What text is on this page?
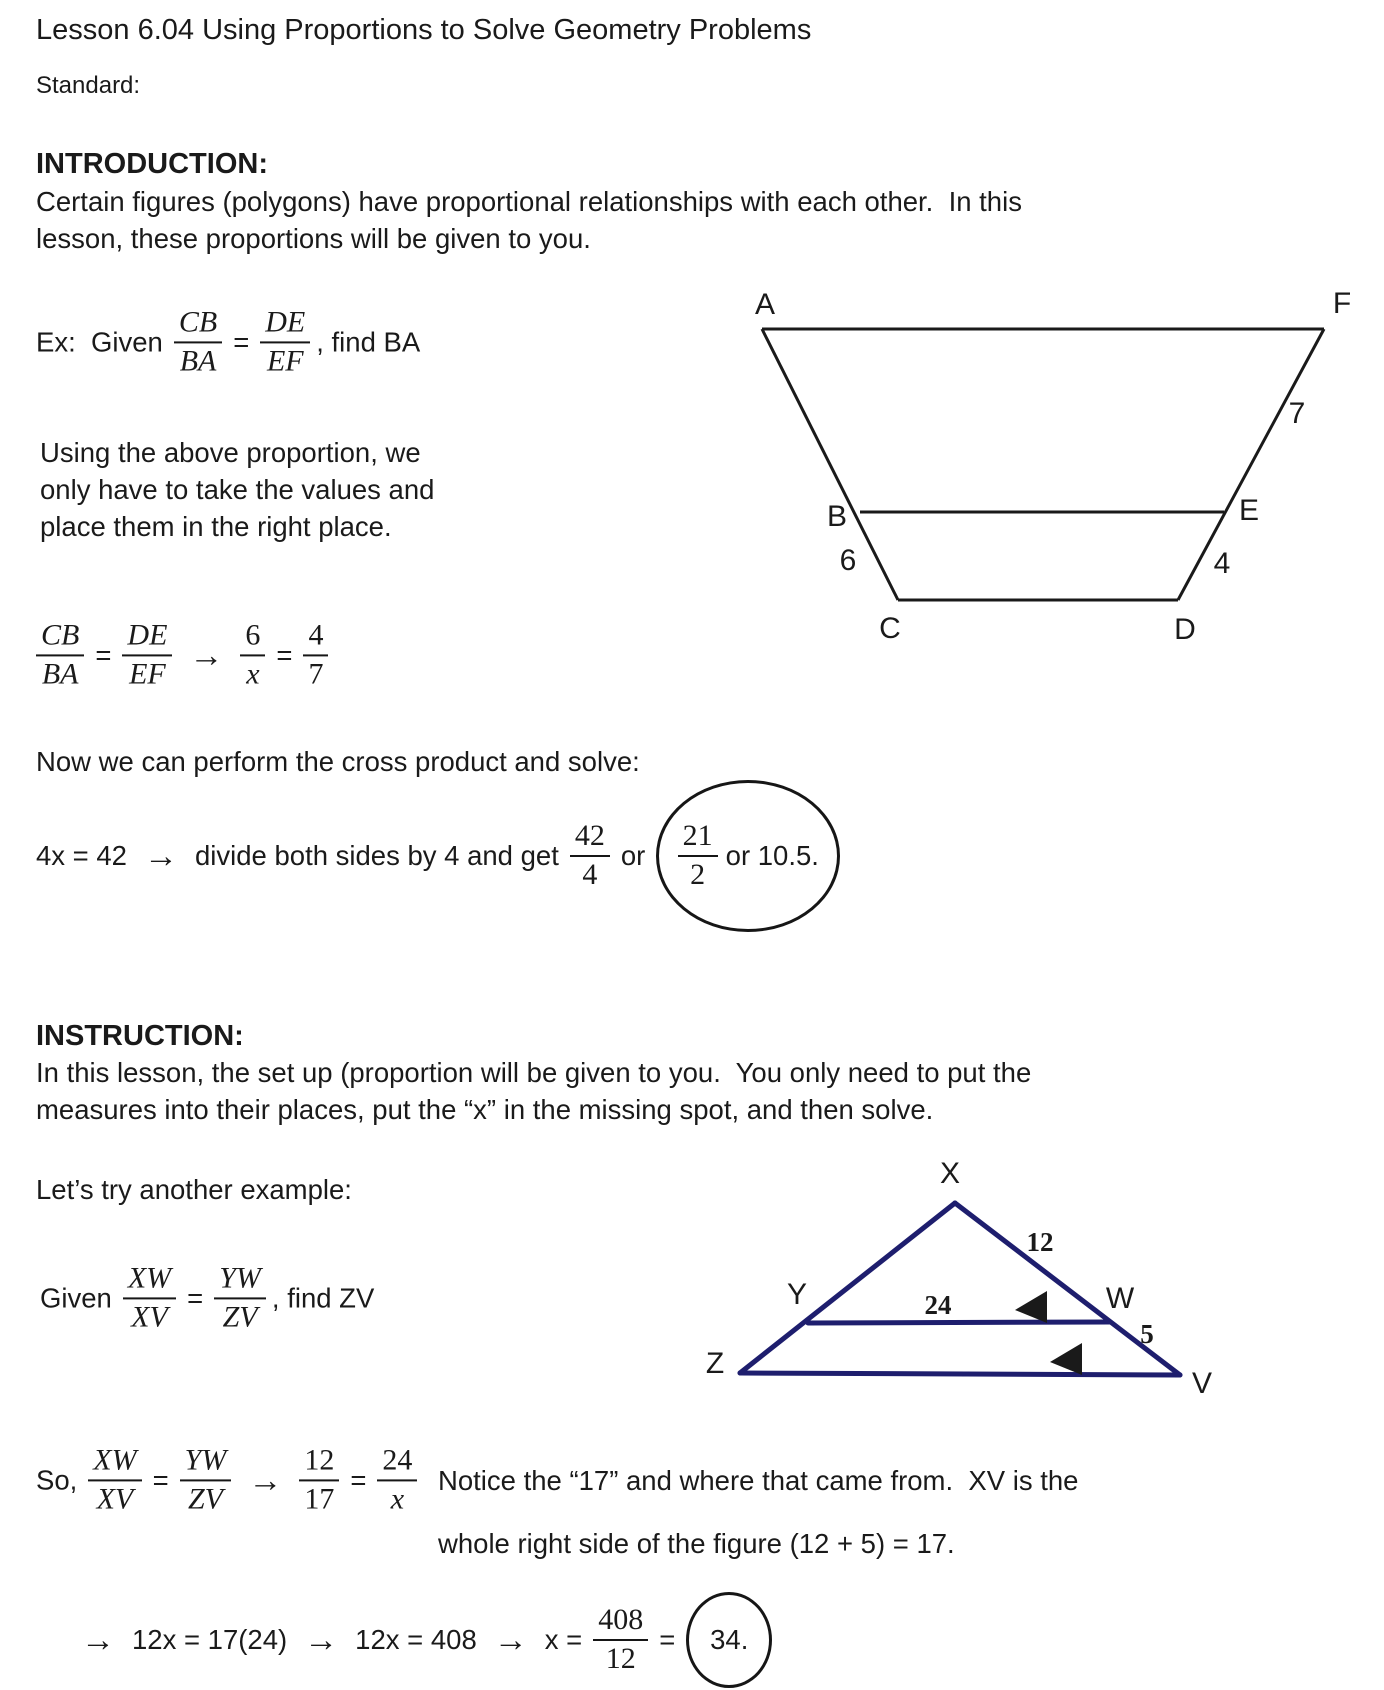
Lesson 6.04 Using Proportions to Solve Geometry Problems
Standard:
INTRODUCTION:
Certain figures (polygons) have proportional relationships with each other.  In this
lesson, these proportions will be given to you.
Ex:  Given $\frac{CB}{BA} = \frac{DE}{EF}$ , find BA
Using the above proportion, we
only have to take the values and
place them in the right place.
A	F
B	E
C	D
7
6	4
$\frac{CB}{BA} = \frac{DE}{EF} \to \frac{6}{x} = \frac{4}{7}$
Now we can perform the cross product and solve:
4x = 42 → divide both sides by 4 and get $\frac{42}{4}$ or $\frac{21}{2}$ or 10.5.
INSTRUCTION:
In this lesson, the set up (proportion will be given to you.  You only need to put the
measures into their places, put the “x” in the missing spot, and then solve.
Let’s try another example:
Given $\frac{XW}{XV} = \frac{YW}{ZV}$ , find ZV
X
Y	W
Z
V
12
24
5
So, $\frac{XW}{XV} = \frac{YW}{ZV} \to \frac{12}{17} = \frac{24}{x}$ Notice the “17” and where that came from.  XV is the
whole right side of the figure (12 + 5) = 17.
→ $12x = 17(24) \to 12x = 408 \to x = \frac{408}{12} = 34$.
